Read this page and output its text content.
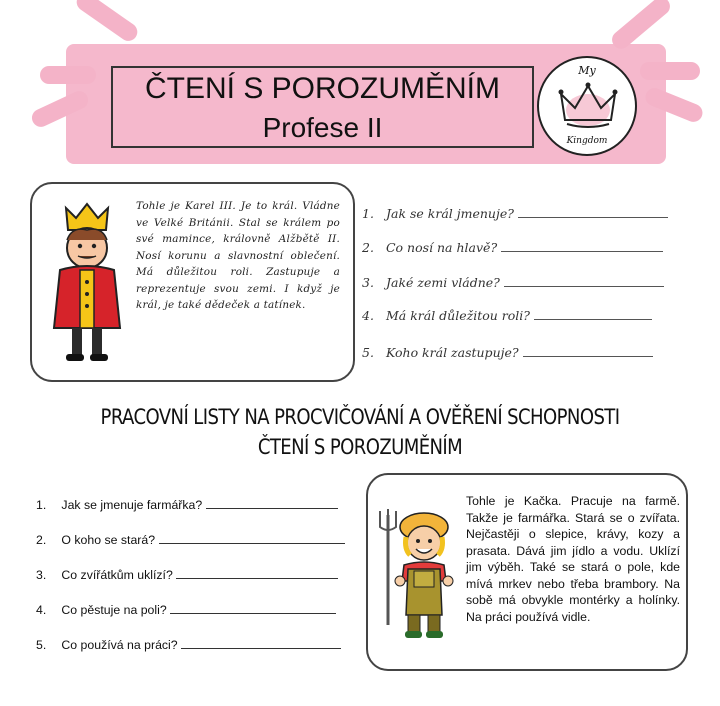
ČTENÍ S POROZUMĚNÍM
Profese II
My
Kingdom
Tohle je Karel III. Je to král. Vládne ve Velké Británii. Stal se králem po své mamince, královně Alžbětě II. Nosí korunu a slavnostní oblečení. Má důležitou roli. Zastupuje a reprezentuje svou zemi. I když je král, je také dědeček a tatínek.
1. Jak se král jmenuje?
2. Co nosí na hlavě?
3. Jaké zemi vládne?
4. Má král důležitou roli?
5. Koho král zastupuje?
PRACOVNÍ LISTY NA PROCVIČOVÁNÍ A OVĚŘENÍ SCHOPNOSTI ČTENÍ S POROZUMĚNÍM
1. Jak se jmenuje farmářka?
2. O koho se stará?
3. Co zvířátkům uklízí?
4. Co pěstuje na poli?
5. Co používá na práci?
Tohle je Kačka. Pracuje na farmě. Takže je farmářka. Stará se o zvířata. Nejčastěji o slepice, krávy, kozy a prasata. Dává jim jídlo a vodu. Uklízí jim výběh. Také se stará o pole, kde mívá mrkev nebo třeba brambory. Na sobě má obvykle montérky a holínky. Na práci používá vidle.
